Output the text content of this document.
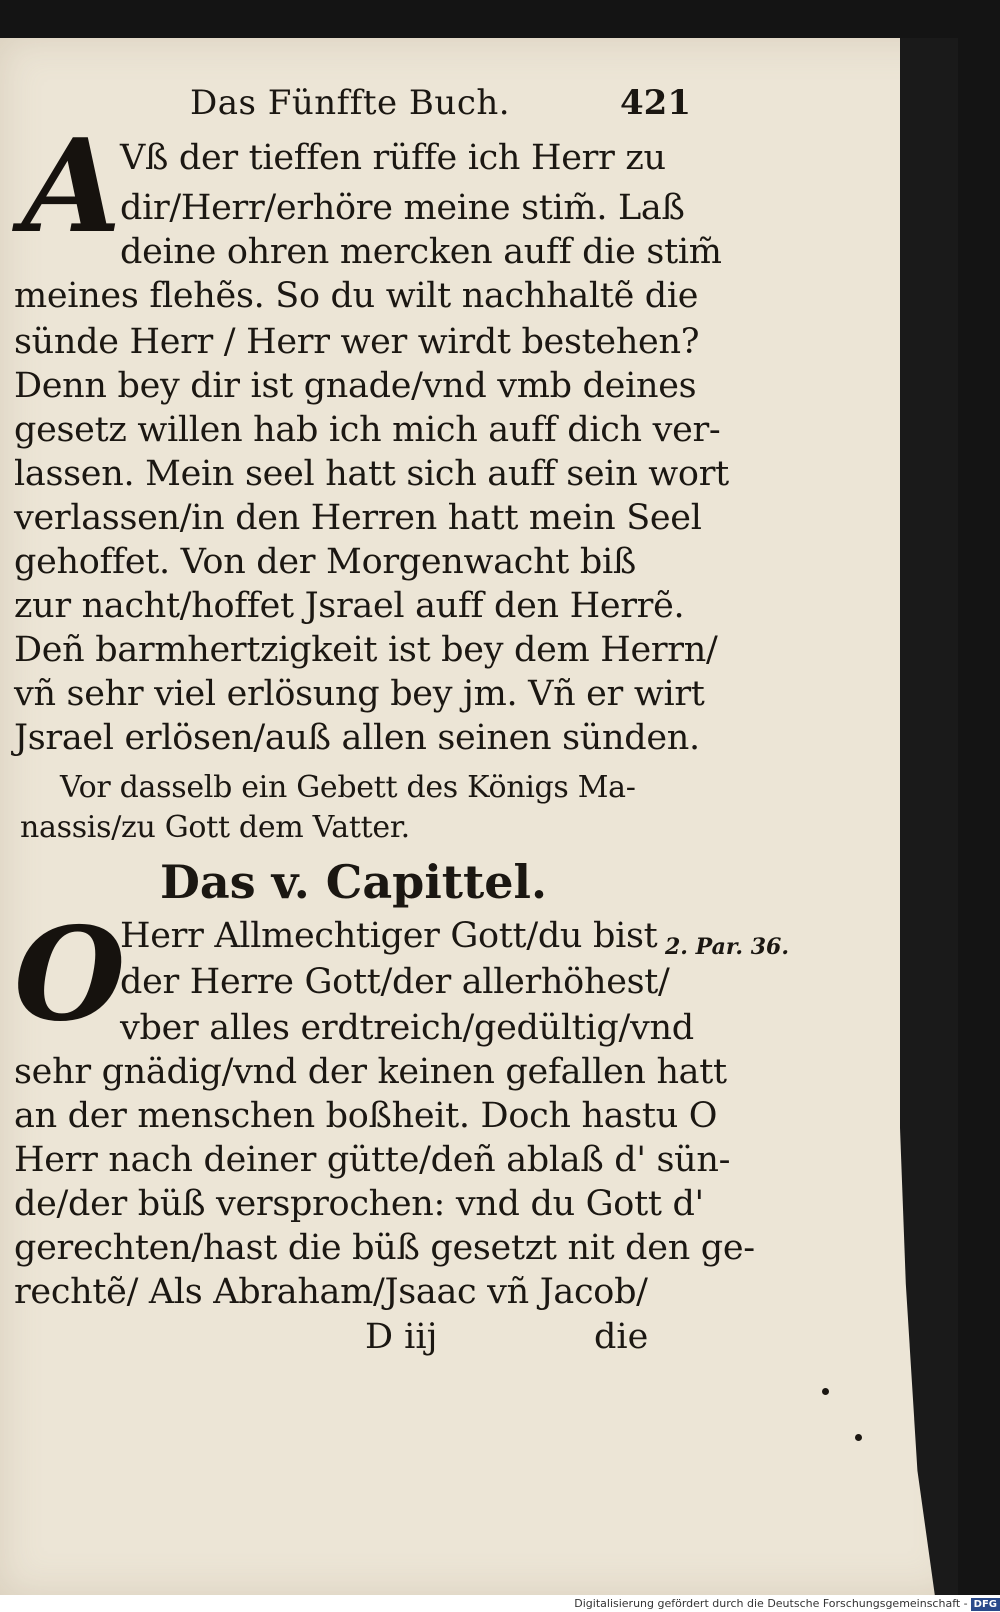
Das Fünffte Buch.	421
A
Vß der tieffen rüffe ich Herr zu
dir/Herr/erhöre meine stim̃. Laß
deine ohren mercken auff die stim̃
meines flehẽs. So du wilt nachhaltẽ die
sünde Herr / Herr wer wirdt bestehen?
Denn bey dir ist gnade/vnd vmb deines
gesetz willen hab ich mich auff dich ver-
lassen. Mein seel hatt sich auff sein wort
verlassen/in den Herren hatt mein Seel
gehoffet. Von der Morgenwacht biß
zur nacht/hoffet Jsrael auff den Herrẽ.
Deñ barmhertzigkeit ist bey dem Herrn/
vñ sehr viel erlösung bey jm. Vñ er wirt
Jsrael erlösen/auß allen seinen sünden.
Vor dasselb ein Gebett des Königs Ma-
nassis/zu Gott dem Vatter.
Das v. Capittel.
2. Par. 36.
O
Herr Allmechtiger Gott/du bist
der Herre Gott/der allerhöhest/
vber alles erdtreich/gedültig/vnd
sehr gnädig/vnd der keinen gefallen hatt
an der menschen boßheit. Doch hastu O
Herr nach deiner gütte/deñ ablaß d' sün-
de/der büß versprochen: vnd du Gott d'
gerechten/hast die büß gesetzt nit den ge-
rechtẽ/ Als Abraham/Jsaac vñ Jacob/
D iij	die
Digitalisierung gefördert durch die Deutsche Forschungsgemeinschaft - DFG
